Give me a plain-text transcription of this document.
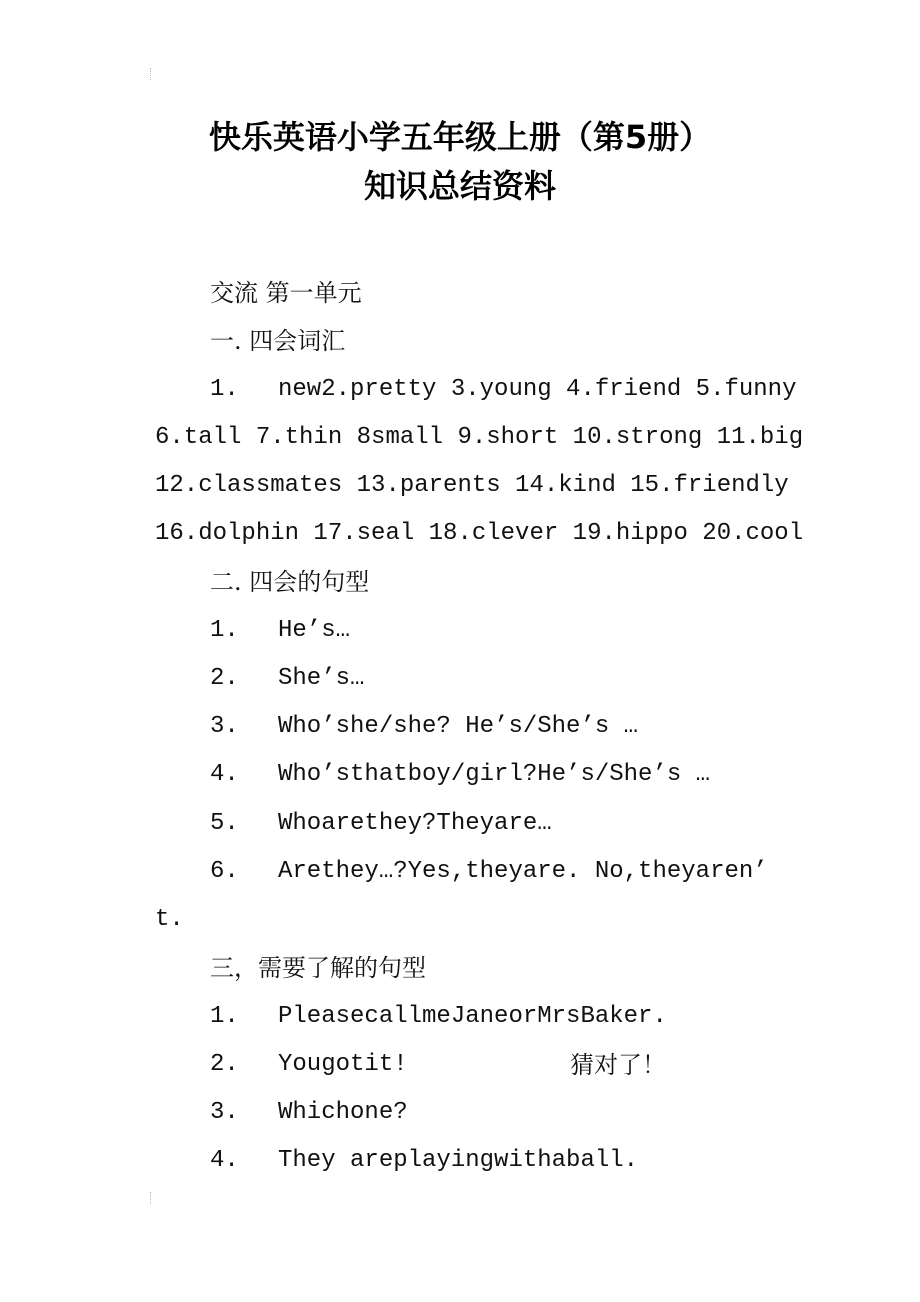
快乐英语小学五年级上册（第5册）
知识总结资料
交流 第一单元
一. 四会词汇
1. new2.pretty 3.young 4.friend 5.funny
6.tall 7.thin 8small 9.short 10.strong 11.big
12.classmates 13.parents 14.kind 15.friendly
16.dolphin 17.seal 18.clever 19.hippo 20.cool
二. 四会的句型
1. He’s…
2. She’s…
3. Who’she/she? He’s/She’s …
4. Who’sthatboy/girl?He’s/She’s …
5. Whoarethey?Theyare…
6. Arethey…?Yes,theyare. No,theyaren’
t.
三，需要了解的句型
1. PleasecallmeJaneorMrsBaker.
2. Yougotit!	猜对了！
3. Whichone?
4. They areplayingwithaball.
